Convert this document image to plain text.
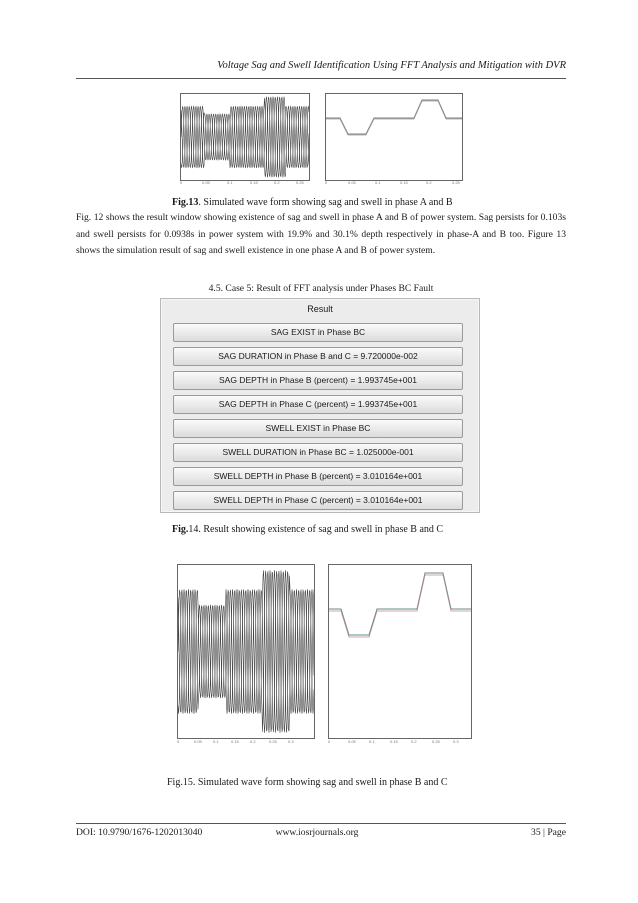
Voltage Sag and Swell Identification Using FFT Analysis and Mitigation with DVR
0	0.05	0.1	0.15	0.2	0.25	0	0.05	0.1	0.15	0.2	0.25
Fig.13. Simulated wave form showing sag and swell in phase A and B
Fig. 12 shows the result window showing existence of sag and swell in phase A and B of power system. Sag persists for 0.103s and swell persists for 0.0938s in power system with 19.9% and 30.1% depth respectively in phase-A and B too. Figure 13 shows the simulation result of sag and swell existence in one phase A and B of power system.
4.5. Case 5: Result of FFT analysis under Phases BC Fault
Result
SAG EXIST in Phase BC
SAG DURATION in Phase B and C = 9.720000e-002
SAG DEPTH in Phase B (percent) = 1.993745e+001
SAG DEPTH in Phase C (percent) = 1.993745e+001
SWELL EXIST in Phase BC
SWELL DURATION in Phase BC = 1.025000e-001
SWELL DEPTH in Phase B (percent) = 3.010164e+001
SWELL DEPTH in Phase C (percent) = 3.010164e+001
Fig.14. Result showing existence of sag and swell in phase B and C
0	0.05	0.1	0.15	0.2	0.25	0.3	0	0.05	0.1	0.15	0.2	0.25	0.3
Fig.15. Simulated wave form showing sag and swell in phase B and C
DOI: 10.9790/1676-1202013040	www.iosrjournals.org	35 | Page
